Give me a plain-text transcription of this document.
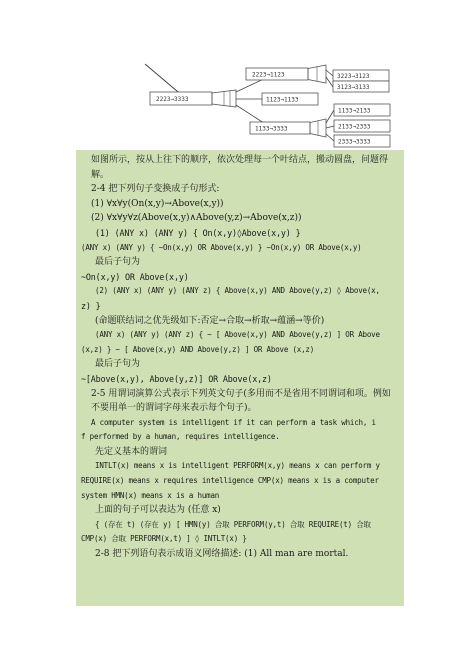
2223→3333
2223→1123	3223→3123
3123→3133
1123→1133
1133→3333
1133→2133
2133→2333
2333→3333
如图所示，按从上往下的顺序，依次处理每一个叶结点，搬动圆盘，问题得解。
2-4 把下列句子变换成子句形式:
(1) ∀x∀y(On(x,y)→Above(x,y))
(2) ∀x∀y∀z(Above(x,y)∧Above(y,z)→Above(x,z))
(1) (ANY x) (ANY y) { On(x,y)◊Above(x,y) }
(ANY x) (ANY y) { ~On(x,y) OR Above(x,y) } ~On(x,y) OR Above(x,y)
最后子句为
~On(x,y) OR Above(x,y)
(2) (ANY x) (ANY y) (ANY z) { Above(x,y) AND Above(y,z) ◊ Above(x,
z) }
(命题联结词之优先级如下:否定→合取→析取→蕴涵→等价)
(ANY x) (ANY y) (ANY z) { ~ [ Above(x,y) AND Above(y,z) ] OR Above
(x,z) } ~ [ Above(x,y) AND Above(y,z) ] OR Above (x,z)
最后子句为
~[Above(x,y), Above(y,z)] OR Above(x,z)
2-5 用谓词演算公式表示下列英文句子(多用而不是省用不同谓词和项。例如不要用单一的谓词字母来表示每个句子)。
A computer system is intelligent if it can perform a task which, i
f performed by a human, requires intelligence.
先定义基本的谓词
INTLT(x) means x is intelligent PERFORM(x,y) means x can perform y
REQUIRE(x) means x requires intelligence CMP(x) means x is a computer
system HMN(x) means x is a human
上面的句子可以表达为 (任意 x)
{ (存在 t) (存在 y) [ HMN(y) 合取 PERFORM(y,t) 合取 REQUIRE(t) 合取
CMP(x) 合取 PERFORM(x,t) ] ◊ INTLT(x) }
2-8 把下列语句表示成语义网络描述: (1) All man are mortal.
